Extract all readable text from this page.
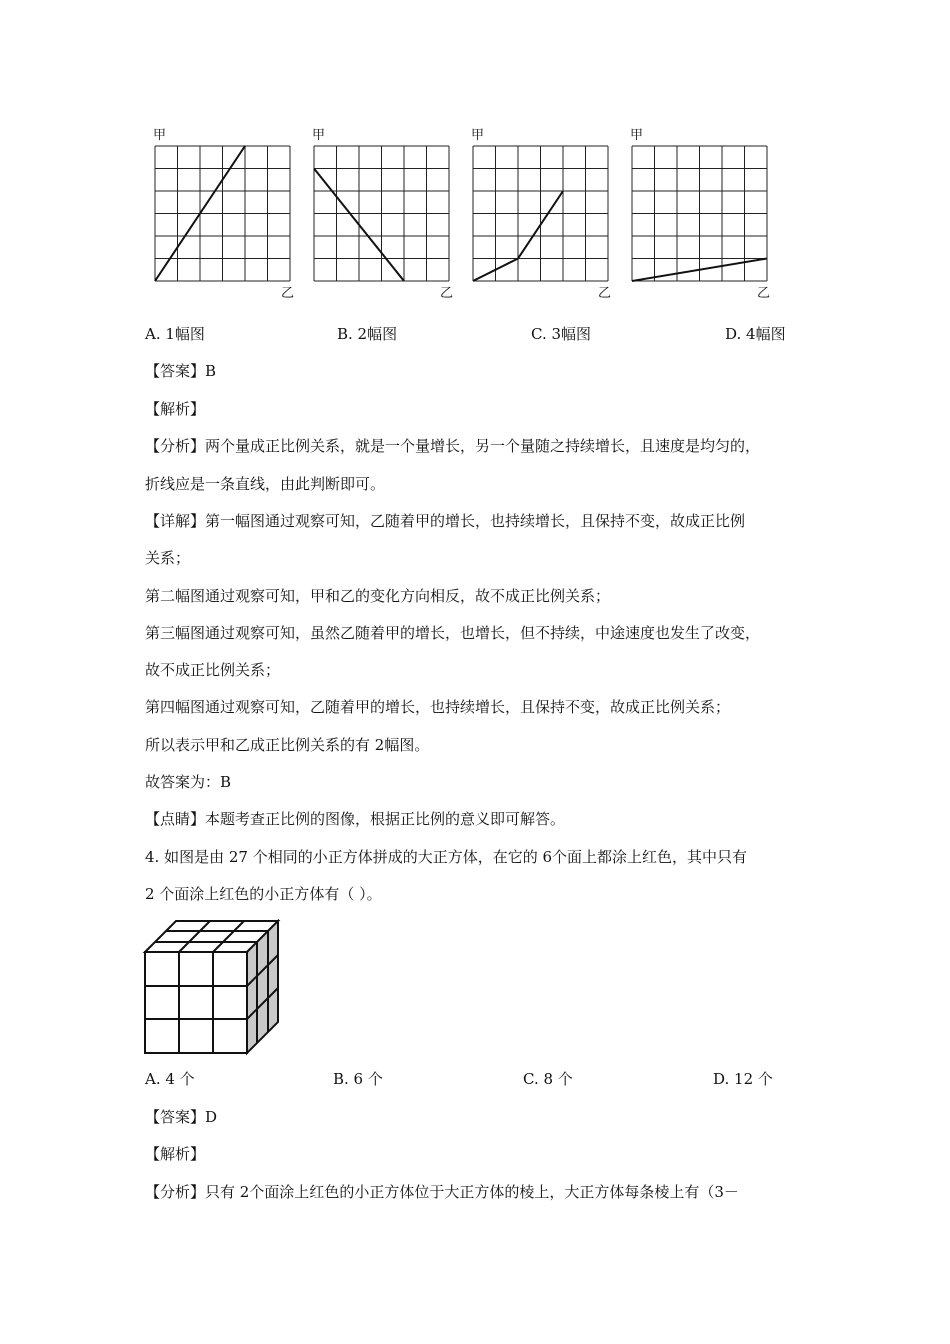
甲
乙
甲
乙
甲
乙
甲
乙
A. 1幅图	B. 2幅图	C. 3幅图	D. 4幅图
【答案】B
【解析】
【分析】两个量成正比例关系，就是一个量增长，另一个量随之持续增长，且速度是均匀的，
折线应是一条直线，由此判断即可。
【详解】第一幅图通过观察可知，乙随着甲的增长，也持续增长，且保持不变，故成正比例
关系；
第二幅图通过观察可知，甲和乙的变化方向相反，故不成正比例关系；
第三幅图通过观察可知，虽然乙随着甲的增长，也增长，但不持续，中途速度也发生了改变，
故不成正比例关系；
第四幅图通过观察可知，乙随着甲的增长，也持续增长，且保持不变，故成正比例关系；
所以表示甲和乙成正比例关系的有 2幅图。
故答案为：B
【点睛】本题考查正比例的图像，根据正比例的意义即可解答。
4. 如图是由 27 个相同的小正方体拼成的大正方体，在它的 6个面上都涂上红色，其中只有
2 个面涂上红色的小正方体有（ ）。
A. 4 个	B. 6 个	C. 8 个	D. 12 个
【答案】D
【解析】
【分析】只有 2个面涂上红色的小正方体位于大正方体的棱上，大正方体每条棱上有（3－
